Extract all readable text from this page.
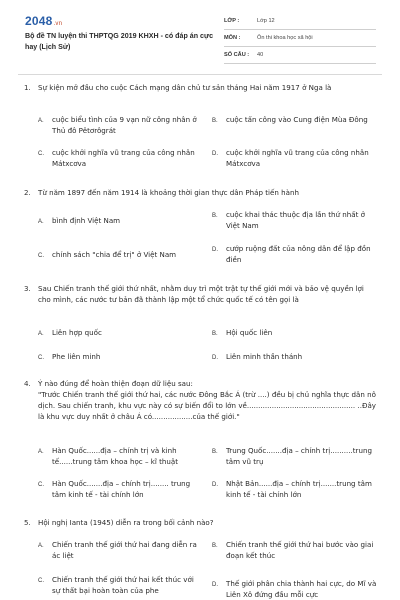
2048.vn
Bộ đề TN luyện thi THPTQG 2019 KHXH - có đáp án cực hay (Lịch Sử)
LỚP :	Lớp 12
MÔN :	Ôn thi khoa học xã hội
SỐ CÂU :	40
1.	Sự kiện mở đầu cho cuộc Cách mạng dân chủ tư sản tháng Hai năm 1917 ở Nga là
A.	cuộc biểu tình của 9 vạn nữ công nhân ở Thủ đô Pêtơrôgrát
B.	cuộc tấn công vào Cung điện Mùa Đông
C.	cuộc khởi nghĩa vũ trang của công nhân Mátxcơva
D.	cuộc khởi nghĩa vũ trang của công nhân Mátxcơva
2.	Từ năm 1897 đến năm 1914 là khoảng thời gian thực dân Pháp tiến hành
A.	bình định Việt Nam	B.	cuộc khai thác thuộc địa lần thứ nhất ở Việt Nam
C.	chính sách "chia để trị" ở Việt Nam	D.	cướp ruộng đất của nông dân để lập đồn điền
3.	Sau Chiến tranh thế giới thứ nhất, nhằm duy trì một trật tự thế giới mới và bảo vệ quyền lợi cho mình, các nước tư bản đã thành lập một tổ chức quốc tế có tên gọi là
A.	Liên hợp quốc	B.	Hội quốc liên
C.	Phe liên minh	D.	Liên minh thần thánh
4.	Ý nào đúng để hoàn thiện đoạn dữ liệu sau:
"Trước Chiến tranh thế giới thứ hai, các nước Đông Bắc Á (trừ ....) đều bị chủ nghĩa thực dân nô dịch. Sau chiến tranh, khu vực này có sự biến đổi to lớn về................................................ ..Đây là khu vực duy nhất ở châu Á có..................của thế giới."
A.	Hàn Quốc......địa – chính trị và kinh tế......trung tâm khoa học – kĩ thuật
B.	Trung Quốc.......địa – chính trị..........trung tâm vũ trụ
C.	Hàn Quốc.......địa – chính trị........ trung tâm kinh tế - tài chính lớn
D.	Nhật Bản......địa – chính trị.......trung tâm kinh tế - tài chính lớn
5.	Hội nghị Ianta (1945) diễn ra trong bối cảnh nào?
A.	Chiến tranh thế giới thứ hai đang diễn ra ác liệt
B.	Chiến tranh thế giới thứ hai bước vào giai đoạn kết thúc
C.	Chiến tranh thế giới thứ hai kết thúc với sự thất bại hoàn toàn của phe
D.	Thế giới phân chia thành hai cực, do Mĩ và Liên Xô đứng đầu mỗi cực
